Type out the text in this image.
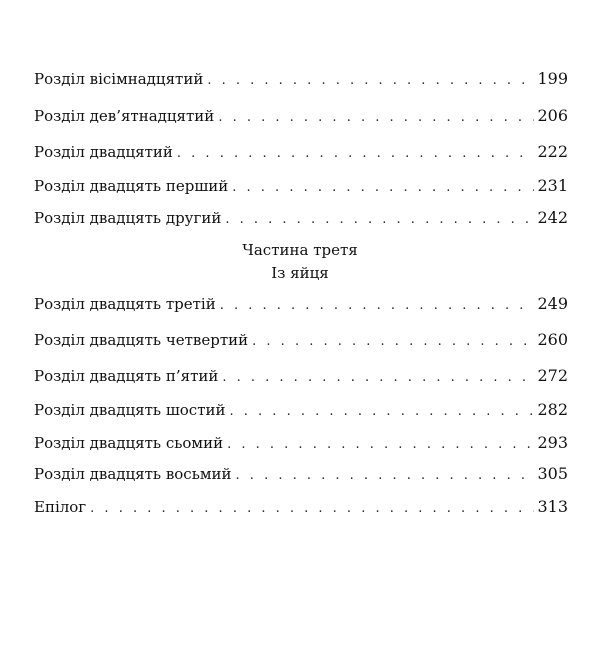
Розділ вісімнадцятий . . .	199
Розділ дев’ятнадцятий . . .	206
Розділ двадцятий . . .	222
Розділ двадцять перший . . .	231
Розділ двадцять другий . . .	242
Розділ двадцять третій . . .	249
Розділ двадцять четвертий . . .	260
Розділ двадцять п’ятий . . .	272
Розділ двадцять шостий . . .	282
Розділ двадцять сьомий . . .	293
Розділ двадцять восьмий . . .	305
Епілог . . .	313
Частина третя
Із яйця
